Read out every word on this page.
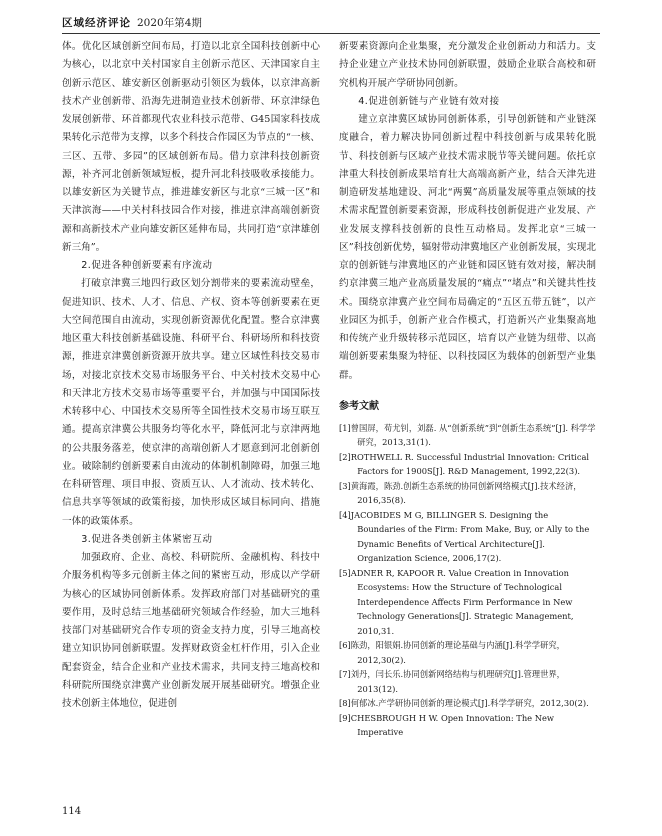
区域经济评论 2020年第4期

体。优化区域创新空间布局，打造以北京全国科技创新中心为核心，以北京中关村国家自主创新示范区、天津国家自主创新示范区、雄安新区创新驱动引领区为载体，以京津高新技术产业创新带、沿海先进制造业技术创新带、环京津绿色发展创新带、环首都现代农业科技示范带、G45国家科技成果转化示范带为支撑，以多个科技合作园区为节点的“一核、三区、五带、多园”的区域创新布局。借力京津科技创新资源，补齐河北创新领域短板，提升河北科技吸收承接能力。以雄安新区为关键节点，推进雄安新区与北京“三城一区”和天津滨海——中关村科技园合作对接，推进京津高端创新资源和高新技术产业向雄安新区延伸布局，共同打造“京津雄创新三角”。

2.促进各种创新要素有序流动

打破京津冀三地四行政区划分割带来的要素流动壁垒，促进知识、技术、人才、信息、产权、资本等创新要素在更大空间范围自由流动，实现创新资源优化配置。整合京津冀地区重大科技创新基础设施、科研平台、科研场所和科技资源，推进京津冀创新资源开放共享。建立区域性科技交易市场，对接北京技术交易市场服务平台、中关村技术交易中心和天津北方技术交易市场等重要平台，并加强与中国国际技术转移中心、中国技术交易所等全国性技术交易市场互联互通。提高京津冀公共服务均等化水平，降低河北与京津两地的公共服务落差，使京津的高端创新人才愿意到河北创新创业。破除制约创新要素自由流动的体制机制障碍，加强三地在科研管理、项目申报、资质互认、人才流动、技术转化、信息共享等领域的政策衔接，加快形成区域目标同向、措施一体的政策体系。

3.促进各类创新主体紧密互动

加强政府、企业、高校、科研院所、金融机构、科技中介服务机构等多元创新主体之间的紧密互动，形成以产学研为核心的区域协同创新体系。发挥政府部门对基础研究的重要作用，及时总结三地基础研究领域合作经验，加大三地科技部门对基础研究合作专项的资金支持力度，引导三地高校建立知识协同创新联盟。发挥财政资金杠杆作用，引入企业配套资金，结合企业和产业技术需求，共同支持三地高校和科研院所围绕京津冀产业创新发展开展基础研究。增强企业技术创新主体地位，促进创

新要素资源向企业集聚，充分激发企业创新动力和活力。支持企业建立产业技术协同创新联盟，鼓励企业联合高校和研究机构开展产学研协同创新。

4.促进创新链与产业链有效对接

建立京津冀区域协同创新体系，引导创新链和产业链深度融合，着力解决协同创新过程中科技创新与成果转化脱节、科技创新与区域产业技术需求脱节等关键问题。依托京津重大科技创新成果培育壮大高端高新产业，结合天津先进制造研发基地建设、河北“两翼”高质量发展等重点领域的技术需求配置创新要素资源，形成科技创新促进产业发展、产业发展支撑科技创新的良性互动格局。发挥北京“三城一区”科技创新优势，辐射带动津冀地区产业创新发展，实现北京的创新链与津冀地区的产业链和园区链有效对接，解决制约京津冀三地产业高质量发展的“痛点”“堵点”和关键共性技术。围绕京津冀产业空间布局确定的“五区五带五链”，以产业园区为抓手，创新产业合作模式，打造新兴产业集聚高地和传统产业升级转移示范园区，培育以产业链为纽带、以高端创新要素集聚为特征、以科技园区为载体的创新型产业集群。

参考文献
[1]曾国屏，苟尤钊，刘磊. 从“创新系统”到“创新生态系统”[J]. 科学学研究，2013,31(1).
[2]ROTHWELL R. Successful Industrial Innovation: Critical Factors for 1900S[J]. R&D Management, 1992,22(3).
[3]黄海霞，陈劲.创新生态系统的协同创新网络模式[J].技术经济，2016,35(8).
[4]JACOBIDES M G, BILLINGER S. Designing the Boundaries of the Firm: From Make, Buy, or Ally to the Dynamic Benefits of Vertical Architecture[J]. Organization Science, 2006,17(2).
[5]ADNER R, KAPOOR R. Value Creation in Innovation Ecosystems: How the Structure of Technological Interdependence Affects Firm Performance in New Technology Generations[J]. Strategic Management, 2010,31.
[6]陈劲，阳银娟.协同创新的理论基础与内涵[J].科学学研究，2012,30(2).
[7]刘丹，闫长乐.协同创新网络结构与机理研究[J].管理世界，2013(12).
[8]何郁冰.产学研协同创新的理论模式[J].科学学研究，2012,30(2).
[9]CHESBROUGH H W. Open Innovation: The New Imperative
114
